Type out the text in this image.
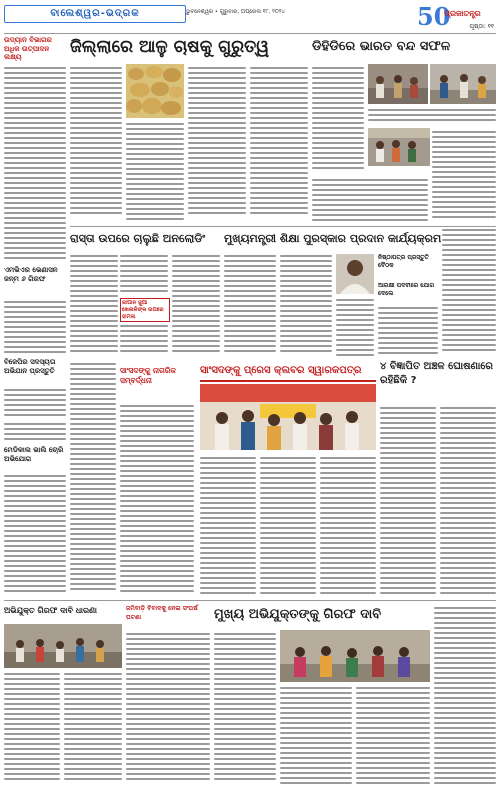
ବାଲେଶ୍ୱର-ଭଦ୍ରକ	ଭୁବନେଶ୍ୱର • ଗୁରୁବାର, ଅପ୍ରେଲ ୧୮, ୨୦୨୪	50
ପ୍ରଜାତନ୍ତ୍ର
ପୃଷ୍ଠା: ୧୧
ଉଦ୍ୟାନ ବିଭାଗର ଅଧିକ ଉତ୍ପାଦନ ଲକ୍ଷ୍ୟ	ଜିଲ୍ଲାରେ ଆଳୁ ଚାଷକୁ ଗୁରୁତ୍ୱ	ଡିହିଡିରେ ଭାରତ ବନ୍ଦ ସଫଳ
ଏମଭିଏର ଭେଣାସନ ଜନ୍ମ ୬ ଗିରଫ
ରାସ୍ତା ଉପରେ ଚାଲୁଛି ଅନଲୋଡିଂ	ମୁଖ୍ୟମନ୍ତ୍ରୀ ଶିକ୍ଷା ପୁରସ୍କାର ପ୍ରଦାନ କାର୍ଯ୍ୟକ୍ରମ
ବିଜେପିର ସଦସ୍ୟତା ଅଭିଯାନ ପ୍ରସ୍ତୁତି
ଜାପାନ ଜୁଆ ଖେଳାଳିଙ୍କ ଉପରେ ହାମଲା
ନିଷ୍ଠାପତ୍ର ପ୍ରସ୍ତୁତି ବୈଠକ
ଆରକ୍ଷୀ ପଦବୀରେ ଯୋଗ ଦେଲେ
ସାଂସଦଙ୍କୁ ନାଗରିକ ସମ୍ବର୍ଦ୍ଧନା
ସାଂସଦଙ୍କୁ ପ୍ରେସ କ୍ଲବର ସ୍ୱାରକପତ୍ର	୪ ବିଜ୍ଞାପିତ ଅଞ୍ଚଳ ଘୋଷଣାରେ ରହିଛିକି ?
ମେଡିକାଲ ଭାଲି ଚୋରି ଅଭିଯୋଗ
ଅଭିଯୁକ୍ତ ଗିରଫ ଦାବି ଧାରଣା	ଜମିବାଡ଼ି ବିବାଦକୁ ନେଇ ସଂଘର୍ଷ ଘଟଣା	ମୁଖ୍ୟ ଅଭିଯୁକ୍ତଙ୍କୁ ଗିରଫ ଦାବି
